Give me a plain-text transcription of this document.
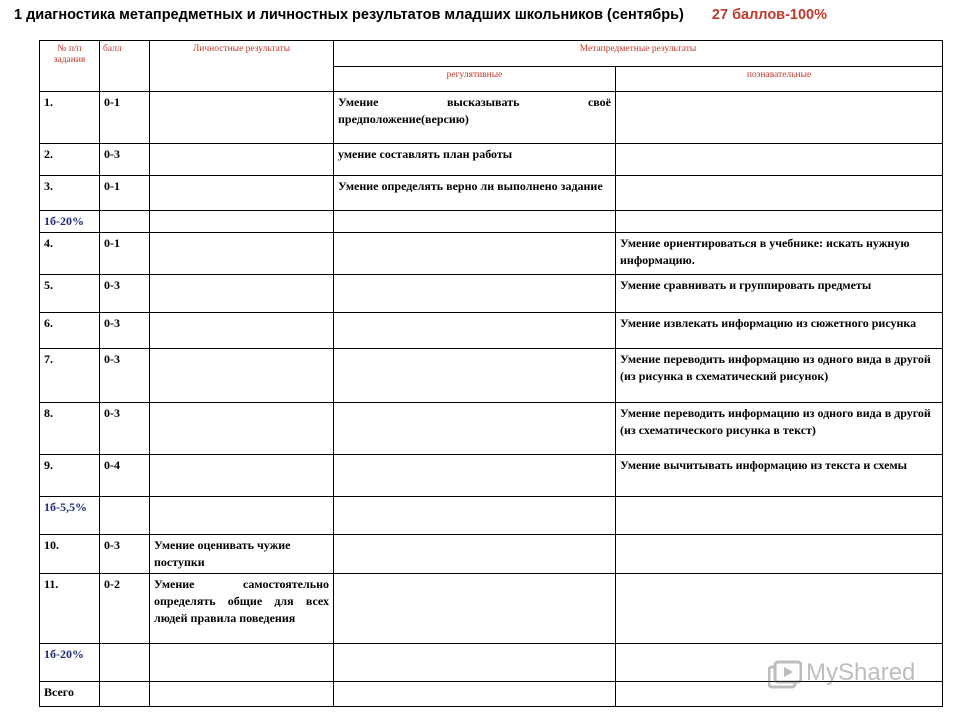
1 диагностика метапредметных и личностных результатов младших школьников (сентябрь) 27 баллов-100%
№ п/п задания	балл	Личностные результаты	Метапредметные результаты	
			регулятивные	познавательные
1.	0-1		Умение высказывать своё предположение(версию)	
2.	0-3		умение составлять план работы	
3.	0-1		Умение определять верно ли выполнено задание	
1б-20%				
4.	0-1			Умение ориентироваться в учебнике: искать нужную информацию.
5.	0-3			Умение сравнивать и группировать предметы
6.	0-3			Умение извлекать информацию из сюжетного рисунка
7.	0-3			Умение переводить информацию из одного вида в другой (из рисунка в схематический рисунок)
8.	0-3			Умение переводить информацию из одного вида в другой (из схематического рисунка в текст)
9.	0-4			Умение вычитывать информацию из текста и схемы
1б-5,5%				
10.	0-3	Умение оценивать чужие поступки		
11.	0-2	Умение самостоятельно определять общие для всех людей правила поведения		
1б-20%				
Всего				
MyShared
